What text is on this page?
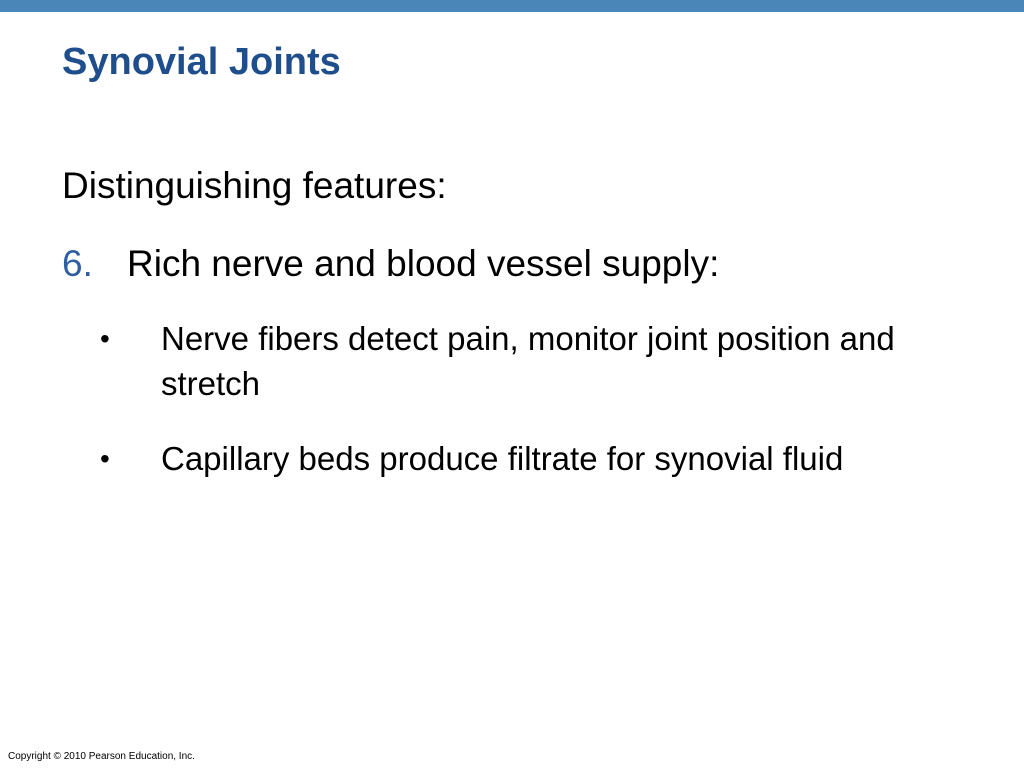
Synovial Joints

Distinguishing features:

6. Rich nerve and blood vessel supply:
• Nerve fibers detect pain, monitor joint position and stretch
• Capillary beds produce filtrate for synovial fluid
Copyright © 2010 Pearson Education, Inc.
